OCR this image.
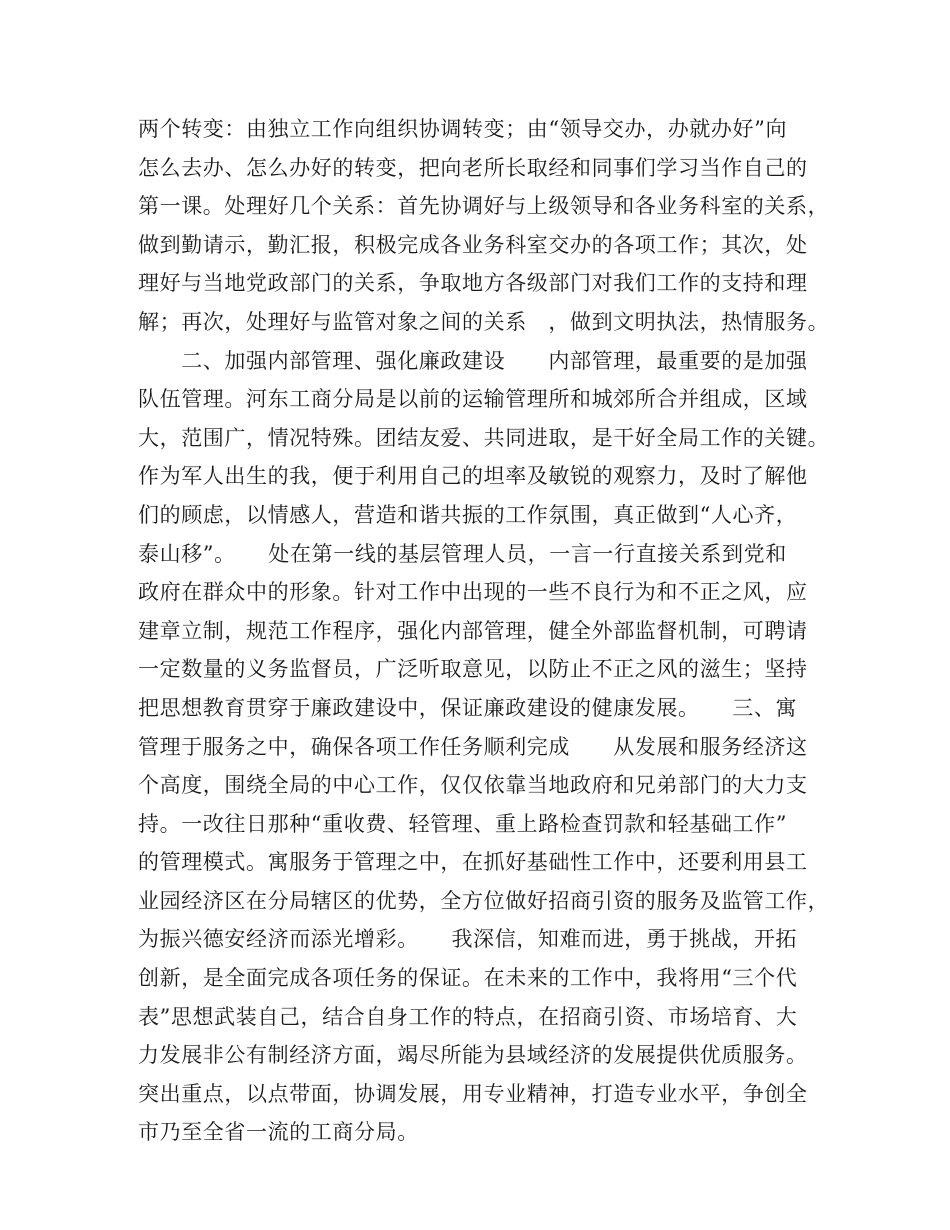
两个转变：由独立工作向组织协调转变；由“领导交办，办就办好”向
怎么去办、怎么办好的转变，把向老所长取经和同事们学习当作自己的
第一课。处理好几个关系：首先协调好与上级领导和各业务科室的关系，
做到勤请示，勤汇报，积极完成各业务科室交办的各项工作；其次，处
理好与当地党政部门的关系，争取地方各级部门对我们工作的支持和理
解；再次，处理好与监管对象之间的关系　，做到文明执法，热情服务。
　　二、加强内部管理、强化廉政建设　　内部管理，最重要的是加强
队伍管理。河东工商分局是以前的运输管理所和城郊所合并组成，区域
大，范围广，情况特殊。团结友爱、共同进取，是干好全局工作的关键。
作为军人出生的我，便于利用自己的坦率及敏锐的观察力，及时了解他
们的顾虑，以情感人，营造和谐共振的工作氛围，真正做到“人心齐，
泰山移”。　　处在第一线的基层管理人员，一言一行直接关系到党和
政府在群众中的形象。针对工作中出现的一些不良行为和不正之风，应
建章立制，规范工作程序，强化内部管理，健全外部监督机制，可聘请
一定数量的义务监督员，广泛听取意见，以防止不正之风的滋生；坚持
把思想教育贯穿于廉政建设中，保证廉政建设的健康发展。　　三、寓
管理于服务之中，确保各项工作任务顺利完成　　从发展和服务经济这
个高度，围绕全局的中心工作，仅仅依靠当地政府和兄弟部门的大力支
持。一改往日那种“重收费、轻管理、重上路检查罚款和轻基础工作”
的管理模式。寓服务于管理之中，在抓好基础性工作中，还要利用县工
业园经济区在分局辖区的优势，全方位做好招商引资的服务及监管工作，
为振兴德安经济而添光增彩。　　我深信，知难而进，勇于挑战，开拓
创新，是全面完成各项任务的保证。在未来的工作中，我将用“三个代
表”思想武装自己，结合自身工作的特点，在招商引资、市场培育、大
力发展非公有制经济方面，竭尽所能为县域经济的发展提供优质服务。
突出重点，以点带面，协调发展，用专业精神，打造专业水平，争创全
市乃至全省一流的工商分局。
